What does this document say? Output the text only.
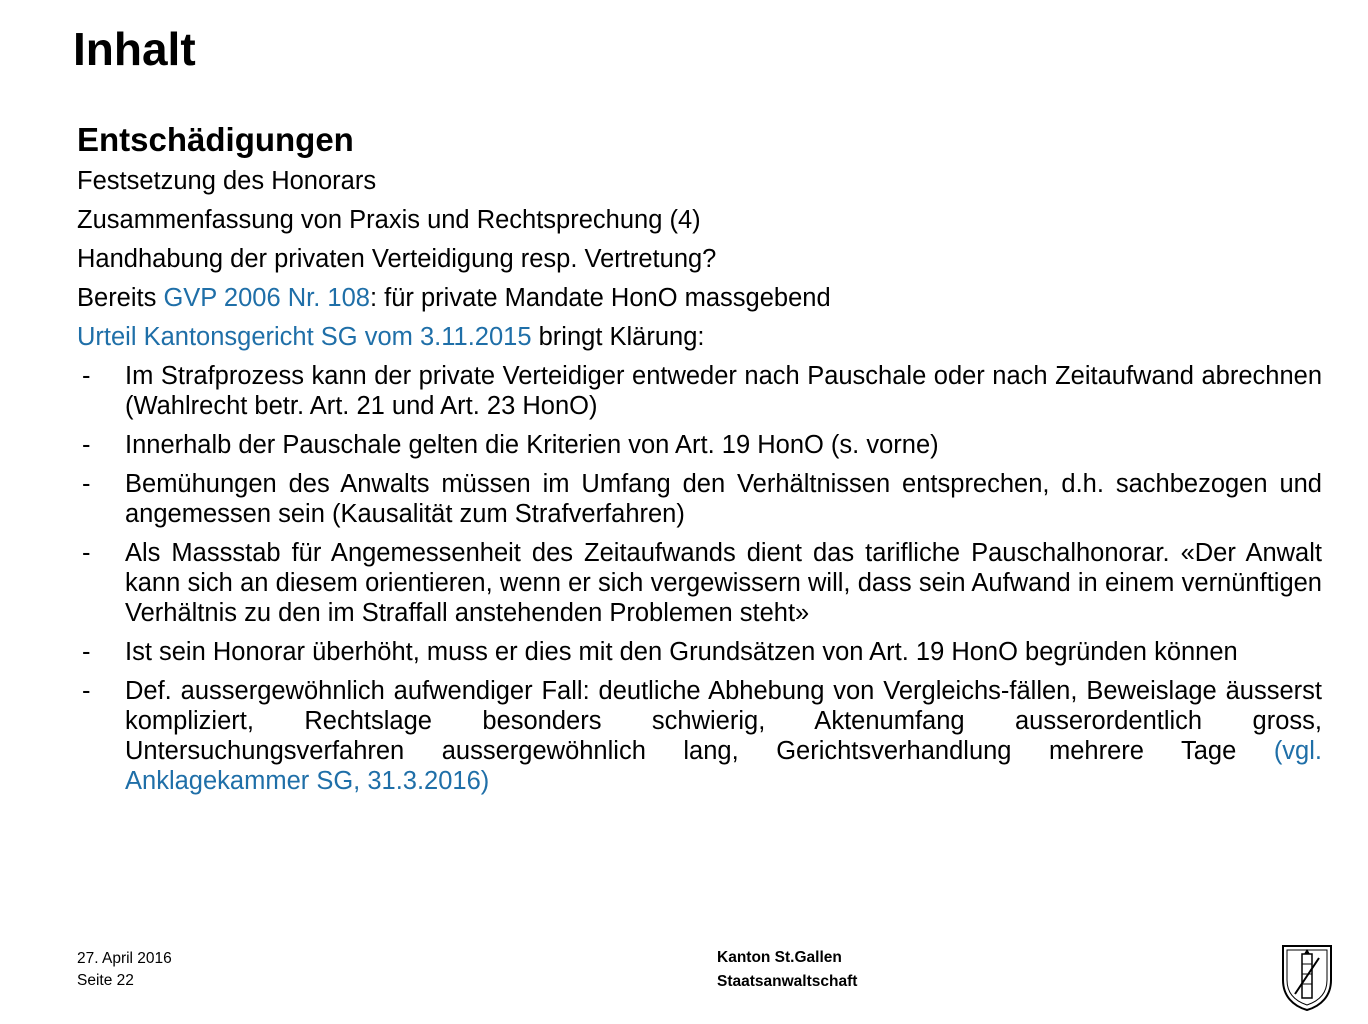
Inhalt
Entschädigungen

Festsetzung des Honorars

Zusammenfassung von Praxis und Rechtsprechung (4)

Handhabung der privaten Verteidigung resp. Vertretung?

Bereits GVP 2006 Nr. 108: für private Mandate HonO massgebend

Urteil Kantonsgericht SG vom 3.11.2015 bringt Klärung:

- Im Strafprozess kann der private Verteidiger entweder nach Pauschale oder nach Zeitaufwand abrechnen (Wahlrecht betr. Art. 21 und Art. 23 HonO)
- Innerhalb der Pauschale gelten die Kriterien von Art. 19 HonO (s. vorne)
- Bemühungen des Anwalts müssen im Umfang den Verhältnissen entsprechen, d.h. sachbezogen und angemessen sein (Kausalität zum Strafverfahren)
- Als Massstab für Angemessenheit des Zeitaufwands dient das tarifliche Pauschalhonorar. «Der Anwalt kann sich an diesem orientieren, wenn er sich vergewissern will, dass sein Aufwand in einem vernünftigen Verhältnis zu den im Straffall anstehenden Problemen steht»
- Ist sein Honorar überhöht, muss er dies mit den Grundsätzen von Art. 19 HonO begründen können
- Def. aussergewöhnlich aufwendiger Fall: deutliche Abhebung von Vergleichs-fällen, Beweislage äusserst kompliziert, Rechtslage besonders schwierig, Aktenumfang ausserordentlich gross, Untersuchungsverfahren aussergewöhnlich lang, Gerichtsverhandlung mehrere Tage (vgl. Anklagekammer SG, 31.3.2016)
27. April 2016
Seite 22
Kanton St.Gallen
Staatsanwaltschaft
